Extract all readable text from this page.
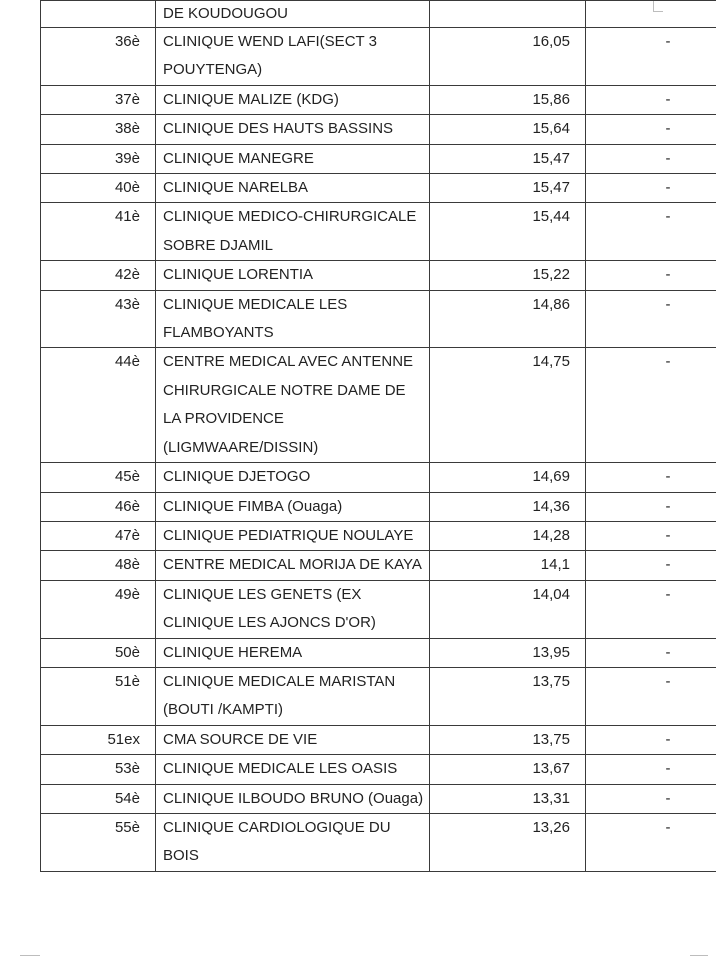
	DE KOUDOUGOU		
36è	CLINIQUE WEND LAFI(SECT 3 POUYTENGA)	16,05	-
37è	CLINIQUE MALIZE (KDG)	15,86	-
38è	CLINIQUE DES HAUTS BASSINS	15,64	-
39è	CLINIQUE MANEGRE	15,47	-
40è	CLINIQUE NARELBA	15,47	-
41è	CLINIQUE MEDICO-CHIRURGICALE SOBRE DJAMIL	15,44	-
42è	CLINIQUE LORENTIA	15,22	-
43è	CLINIQUE MEDICALE LES FLAMBOYANTS	14,86	-
44è	CENTRE MEDICAL AVEC ANTENNE CHIRURGICALE NOTRE DAME DE LA PROVIDENCE (LIGMWAARE/DISSIN)	14,75	-
45è	CLINIQUE DJETOGO	14,69	-
46è	CLINIQUE FIMBA (Ouaga)	14,36	-
47è	CLINIQUE PEDIATRIQUE NOULAYE	14,28	-
48è	CENTRE MEDICAL MORIJA DE KAYA	14,1	-
49è	CLINIQUE LES GENETS (EX CLINIQUE LES AJONCS D'OR)	14,04	-
50è	CLINIQUE HEREMA	13,95	-
51è	CLINIQUE MEDICALE MARISTAN (BOUTI /KAMPTI)	13,75	-
51ex	CMA SOURCE DE VIE	13,75	-
53è	CLINIQUE MEDICALE LES OASIS	13,67	-
54è	CLINIQUE ILBOUDO BRUNO (Ouaga)	13,31	-
55è	CLINIQUE CARDIOLOGIQUE DU BOIS	13,26	-
